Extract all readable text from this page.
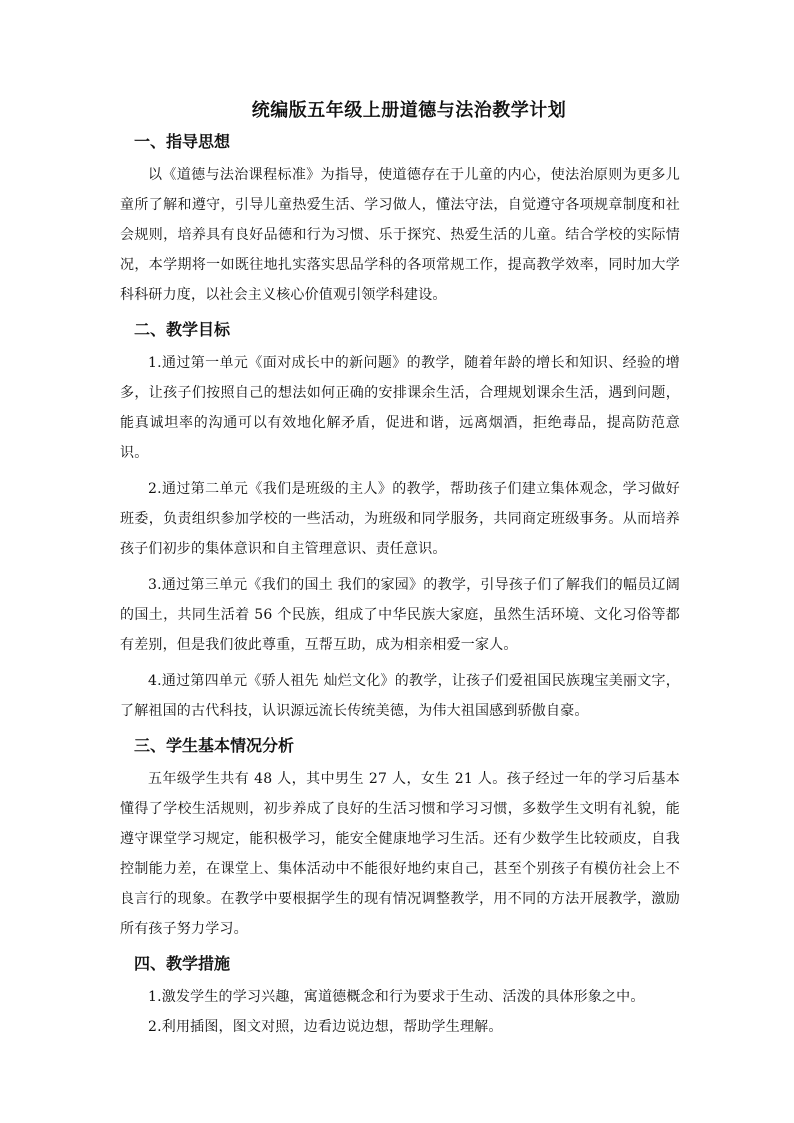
统编版五年级上册道德与法治教学计划
一、指导思想

以《道德与法治课程标准》为指导，使道德存在于儿童的内心，使法治原则为更多儿童所了解和遵守，引导儿童热爱生活、学习做人，懂法守法，自觉遵守各项规章制度和社会规则，培养具有良好品德和行为习惯、乐于探究、热爱生活的儿童。结合学校的实际情况，本学期将一如既往地扎实落实思品学科的各项常规工作，提高教学效率，同时加大学科科研力度，以社会主义核心价值观引领学科建设。

二、教学目标

1.通过第一单元《面对成长中的新问题》的教学，随着年龄的增长和知识、经验的增多，让孩子们按照自己的想法如何正确的安排课余生活，合理规划课余生活，遇到问题，能真诚坦率的沟通可以有效地化解矛盾，促进和谐，远离烟酒，拒绝毒品，提高防范意识。

2.通过第二单元《我们是班级的主人》的教学，帮助孩子们建立集体观念，学习做好班委，负责组织参加学校的一些活动，为班级和同学服务，共同商定班级事务。从而培养孩子们初步的集体意识和自主管理意识、责任意识。

3.通过第三单元《我们的国土 我们的家园》的教学，引导孩子们了解我们的幅员辽阔的国土，共同生活着 56 个民族，组成了中华民族大家庭，虽然生活环境、文化习俗等都有差别，但是我们彼此尊重，互帮互助，成为相亲相爱一家人。

4.通过第四单元《骄人祖先 灿烂文化》的教学，让孩子们爱祖国民族瑰宝美丽文字，了解祖国的古代科技，认识源远流长传统美德，为伟大祖国感到骄傲自豪。

三、学生基本情况分析

五年级学生共有 48 人，其中男生 27 人，女生 21 人。孩子经过一年的学习后基本懂得了学校生活规则，初步养成了良好的生活习惯和学习习惯，多数学生文明有礼貌，能遵守课堂学习规定，能积极学习，能安全健康地学习生活。还有少数学生比较顽皮，自我控制能力差，在课堂上、集体活动中不能很好地约束自己，甚至个别孩子有模仿社会上不良言行的现象。在教学中要根据学生的现有情况调整教学，用不同的方法开展教学，激励所有孩子努力学习。

四、教学措施

1.激发学生的学习兴趣，寓道德概念和行为要求于生动、活泼的具体形象之中。

2.利用插图，图文对照，边看边说边想，帮助学生理解。
